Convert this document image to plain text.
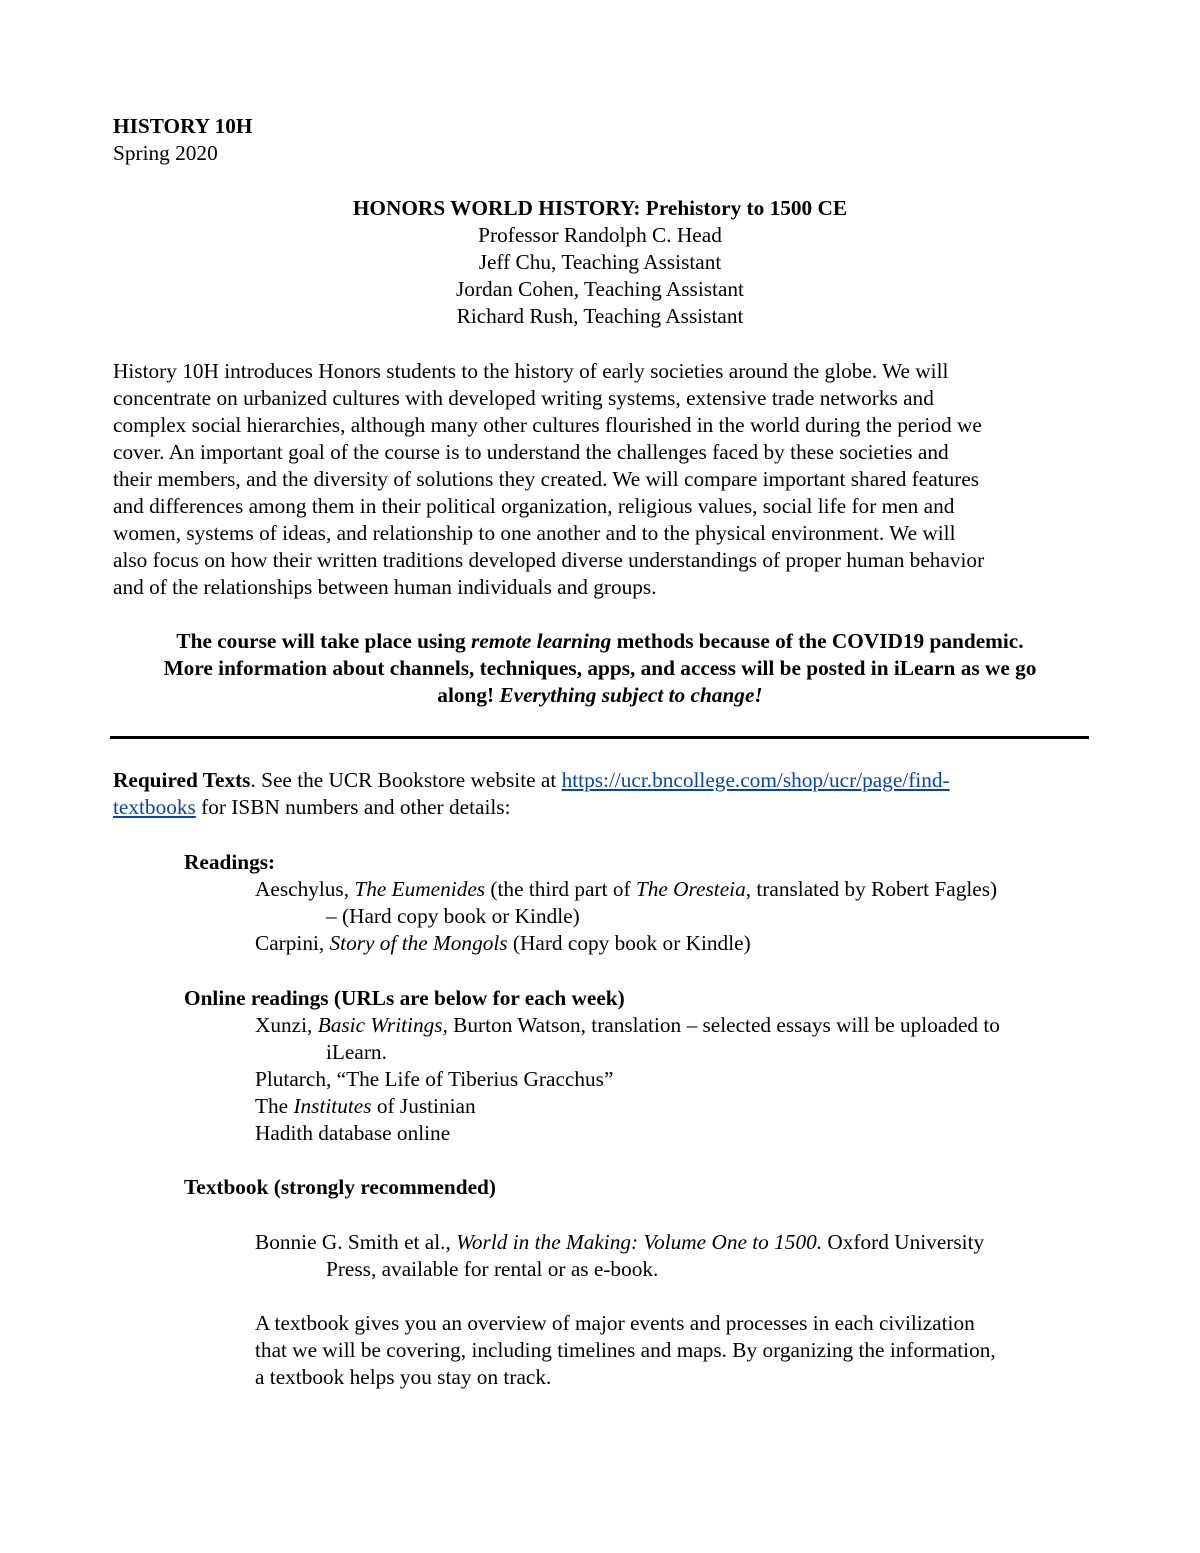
HISTORY 10H
Spring 2020
HONORS WORLD HISTORY: Prehistory to 1500 CE
Professor Randolph C. Head
Jeff Chu, Teaching Assistant
Jordan Cohen, Teaching Assistant
Richard Rush, Teaching Assistant
History 10H introduces Honors students to the history of early societies around the globe. We will
concentrate on urbanized cultures with developed writing systems, extensive trade networks and
complex social hierarchies, although many other cultures flourished in the world during the period we
cover. An important goal of the course is to understand the challenges faced by these societies and
their members, and the diversity of solutions they created. We will compare important shared features
and differences among them in their political organization, religious values, social life for men and
women, systems of ideas, and relationship to one another and to the physical environment. We will
also focus on how their written traditions developed diverse understandings of proper human behavior
and of the relationships between human individuals and groups.
The course will take place using remote learning methods because of the COVID19 pandemic.
More information about channels, techniques, apps, and access will be posted in iLearn as we go
along! Everything subject to change!
Required Texts. See the UCR Bookstore website at https://ucr.bncollege.com/shop/ucr/page/find-
textbooks for ISBN numbers and other details:
Readings:
Aeschylus, The Eumenides (the third part of The Oresteia, translated by Robert Fagles)
– (Hard copy book or Kindle)
Carpini, Story of the Mongols (Hard copy book or Kindle)
Online readings (URLs are below for each week)
Xunzi, Basic Writings, Burton Watson, translation – selected essays will be uploaded to
iLearn.
Plutarch, “The Life of Tiberius Gracchus”
The Institutes of Justinian
Hadith database online
Textbook (strongly recommended)
Bonnie G. Smith et al., World in the Making: Volume One to 1500. Oxford University
Press, available for rental or as e-book.
A textbook gives you an overview of major events and processes in each civilization
that we will be covering, including timelines and maps. By organizing the information,
a textbook helps you stay on track.
